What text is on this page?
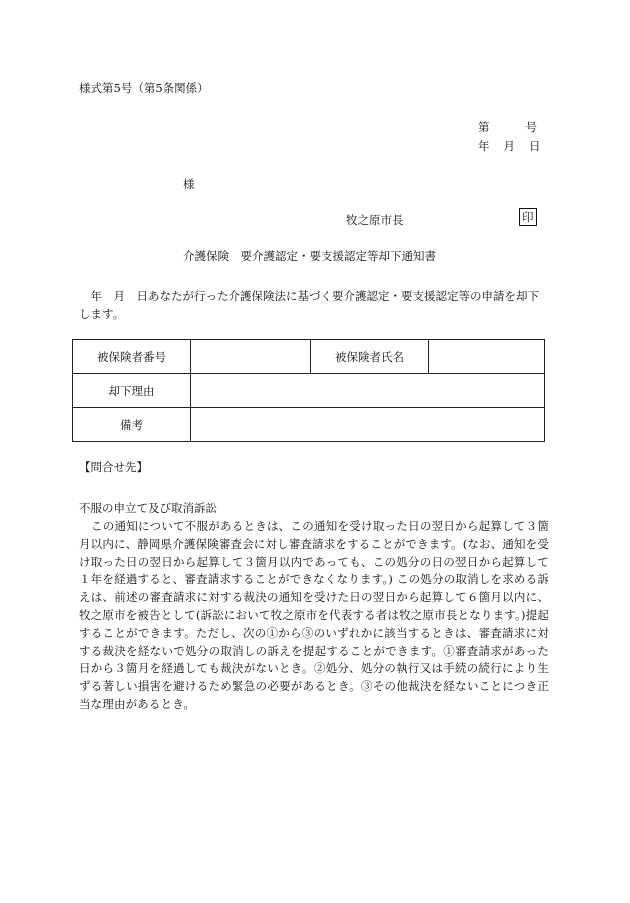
様式第5号（第5条関係）
第	号
年 月 日
様
牧之原市長	印
介護保険　要介護認定・要支援認定等却下通知書
　年　月　日あなたが行った介護保険法に基づく要介護認定・要支援認定等の申請を却下します。
被保険者番号		被保険者氏名	
却下理由			
備考			
【問合せ先】
不服の申立て及び取消訴訟
この通知について不服があるときは、この通知を受け取った日の翌日から起算して３箇月以内に、静岡県介護保険審査会に対し審査請求をすることができます。(なお、通知を受け取った日の翌日から起算して３箇月以内であっても、この処分の日の翌日から起算して１年を経過すると、審査請求することができなくなります。) この処分の取消しを求める訴えは、前述の審査請求に対する裁決の通知を受けた日の翌日から起算して６箇月以内に、牧之原市を被告として(訴訟において牧之原市を代表する者は牧之原市長となります。)提起することができます。ただし、次の①から③のいずれかに該当するときは、審査請求に対する裁決を経ないで処分の取消しの訴えを提起することができます。①審査請求があった日から３箇月を経過しても裁決がないとき。②処分、処分の執行又は手続の続行により生ずる著しい損害を避けるため緊急の必要があるとき。③その他裁決を経ないことにつき正当な理由があるとき。
